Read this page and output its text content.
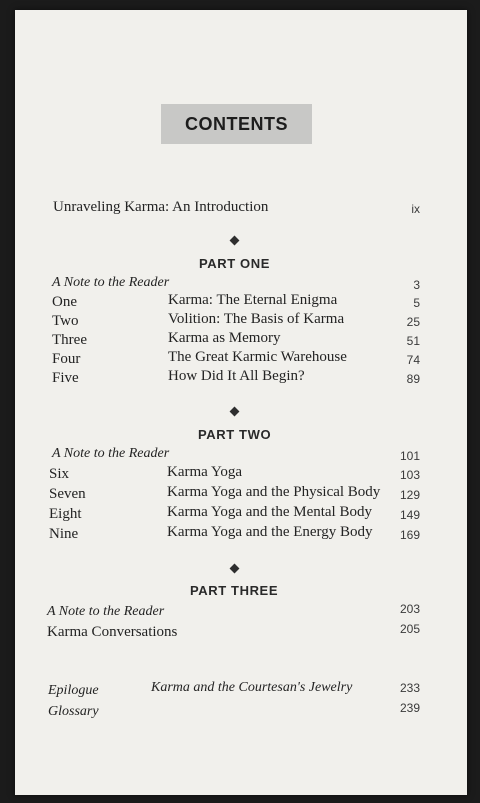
CONTENTS
Unraveling Karma: An Introduction	ix
PART ONE
A Note to the Reader	3
One	Karma: The Eternal Enigma	5
Two	Volition: The Basis of Karma	25
Three	Karma as Memory	51
Four	The Great Karmic Warehouse	74
Five	How Did It All Begin?	89
PART TWO
A Note to the Reader	101
Six	Karma Yoga	103
Seven	Karma Yoga and the Physical Body	129
Eight	Karma Yoga and the Mental Body	149
Nine	Karma Yoga and the Energy Body	169
PART THREE
A Note to the Reader	203
Karma Conversations	205
Epilogue	Karma and the Courtesan's Jewelry	233
Glossary	239
